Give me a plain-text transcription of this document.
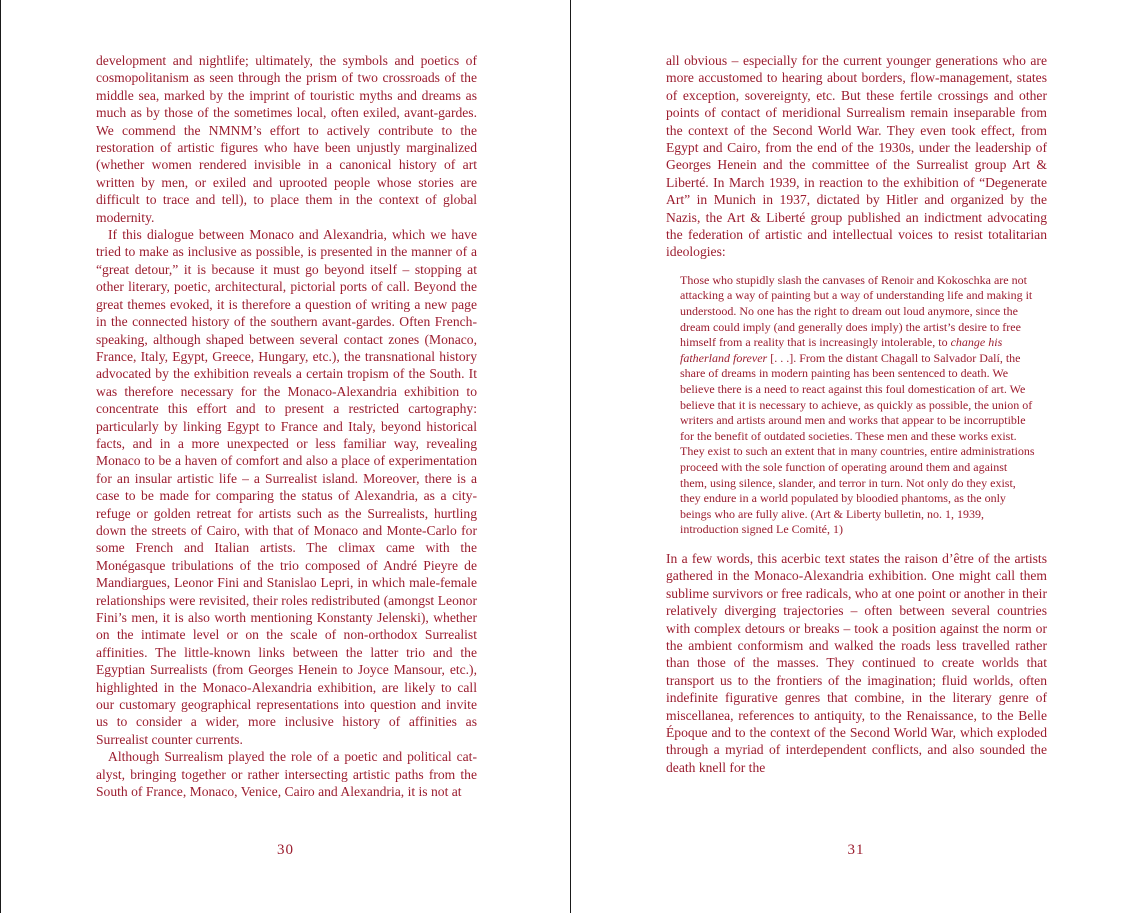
development and nightlife; ultimately, the symbols and poetics of cosmopolitanism as seen through the prism of two crossroads of the middle sea, marked by the imprint of touristic myths and dreams as much as by those of the sometimes local, often exiled, avant-gardes. We commend the NMNM’s effort to actively contribute to the restoration of artistic figures who have been unjustly marginalized (whether women rendered invisible in a canonical history of art written by men, or exiled and uprooted people whose stories are difficult to trace and tell), to place them in the context of global modernity.

If this dialogue between Monaco and Alexandria, which we have tried to make as inclusive as possible, is presented in the manner of a “great detour,” it is because it must go beyond itself – stopping at other literary, poetic, architectural, pictorial ports of call. Beyond the great themes evoked, it is therefore a question of writing a new page in the connected history of the southern avant-gardes. Often French-speaking, although shaped between several contact zones (Monaco, France, Italy, Egypt, Greece, Hungary, etc.), the transnational history advocated by the exhibition reveals a certain tropism of the South. It was therefore necessary for the Monaco-Alexandria exhibition to concentrate this effort and to present a restricted cartography: particularly by linking Egypt to France and Italy, beyond historical facts, and in a more unexpected or less familiar way, revealing Monaco to be a haven of comfort and also a place of experimentation for an insular artistic life – a Surrealist island. Moreover, there is a case to be made for comparing the status of Alexandria, as a city-refuge or golden retreat for artists such as the Surrealists, hurtling down the streets of Cairo, with that of Monaco and Monte-Carlo for some French and Italian artists. The climax came with the Monégasque tribulations of the trio composed of André Pieyre de Mandiargues, Leonor Fini and Stanislao Lepri, in which male-female relationships were revisited, their roles redistributed (amongst Leonor Fini’s men, it is also worth mentioning Konstanty Jelenski), whether on the intimate level or on the scale of non-orthodox Surrealist affinities. The little-known links between the latter trio and the Egyptian Surrealists (from Georges Henein to Joyce Mansour, etc.), highlighted in the Monaco-Alexandria exhibition, are likely to call our customary geographical representations into question and invite us to consider a wider, more inclusive history of affinities as Surrealist counter currents.

Although Surrealism played the role of a poetic and political catalyst, bringing together or rather intersecting artistic paths from the South of France, Monaco, Venice, Cairo and Alexandria, it is not at

30

all obvious – especially for the current younger generations who are more accustomed to hearing about borders, flow-management, states of exception, sovereignty, etc. But these fertile crossings and other points of contact of meridional Surrealism remain inseparable from the context of the Second World War. They even took effect, from Egypt and Cairo, from the end of the 1930s, under the leadership of Georges Henein and the committee of the Surrealist group Art & Liberté. In March 1939, in reaction to the exhibition of “Degenerate Art” in Munich in 1937, dictated by Hitler and organized by the Nazis, the Art & Liberté group published an indictment advocating the federation of artistic and intellectual voices to resist totalitarian ideologies:

Those who stupidly slash the canvases of Renoir and Kokoschka are not attacking a way of painting but a way of understanding life and making it understood. No one has the right to dream out loud anymore, since the dream could imply (and generally does imply) the artist’s desire to free himself from a reality that is increasingly intolerable, to change his fatherland forever [. . .]. From the distant Chagall to Salvador Dalí, the share of dreams in modern painting has been sentenced to death. We believe there is a need to react against this foul domestication of art. We believe that it is necessary to achieve, as quickly as possible, the union of writers and artists around men and works that appear to be incorruptible for the benefit of outdated societies. These men and these works exist. They exist to such an extent that in many countries, entire administrations proceed with the sole function of operating around them and against them, using silence, slander, and terror in turn. Not only do they exist, they endure in a world populated by bloodied phantoms, as the only beings who are fully alive. (Art & Liberty bulletin, no. 1, 1939, introduction signed Le Comité, 1)

In a few words, this acerbic text states the raison d’être of the artists gathered in the Monaco-Alexandria exhibition. One might call them sublime survivors or free radicals, who at one point or another in their relatively diverging trajectories – often between several countries with complex detours or breaks – took a position against the norm or the ambient conformism and walked the roads less travelled rather than those of the masses. They continued to create worlds that transport us to the frontiers of the imagination; fluid worlds, often indefinite figurative genres that combine, in the literary genre of miscellanea, references to antiquity, to the Renaissance, to the Belle Époque and to the context of the Second World War, which exploded through a myriad of interdependent conflicts, and also sounded the death knell for the

31
